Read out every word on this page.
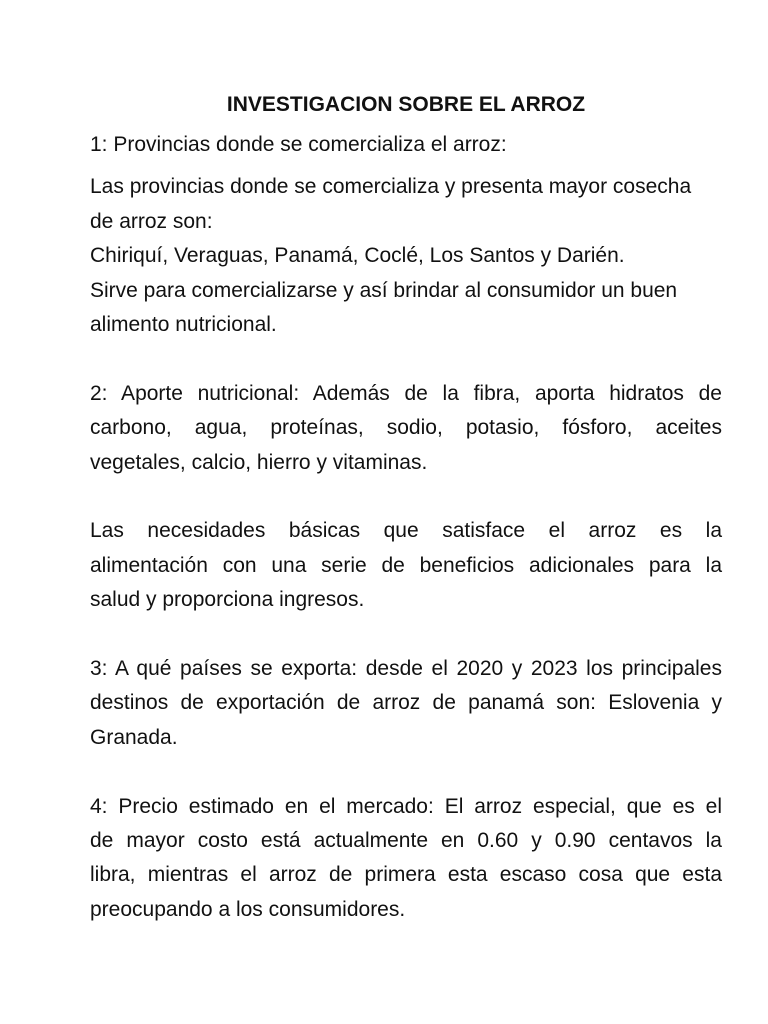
INVESTIGACION SOBRE EL ARROZ

1: Provincias donde se comercializa el arroz:

Las provincias donde se comercializa y presenta mayor cosecha

de arroz son:

Chiriquí, Veraguas, Panamá, Coclé, Los Santos y Darién.

Sirve para comercializarse y así brindar al consumidor un buen

alimento nutricional.

2: Aporte nutricional: Además de la fibra, aporta hidratos de

carbono, agua, proteínas, sodio, potasio, fósforo, aceites

vegetales, calcio, hierro y vitaminas.

Las necesidades básicas que satisface el arroz es la

alimentación con una serie de beneficios adicionales para la

salud y proporciona ingresos.

3: A qué países se exporta: desde el 2020 y 2023 los principales

destinos de exportación de arroz de panamá son: Eslovenia y

Granada.

4: Precio estimado en el mercado: El arroz especial, que es el

de mayor costo está actualmente en 0.60 y 0.90 centavos la

libra, mientras el arroz de primera esta escaso cosa que esta

preocupando a los consumidores.
